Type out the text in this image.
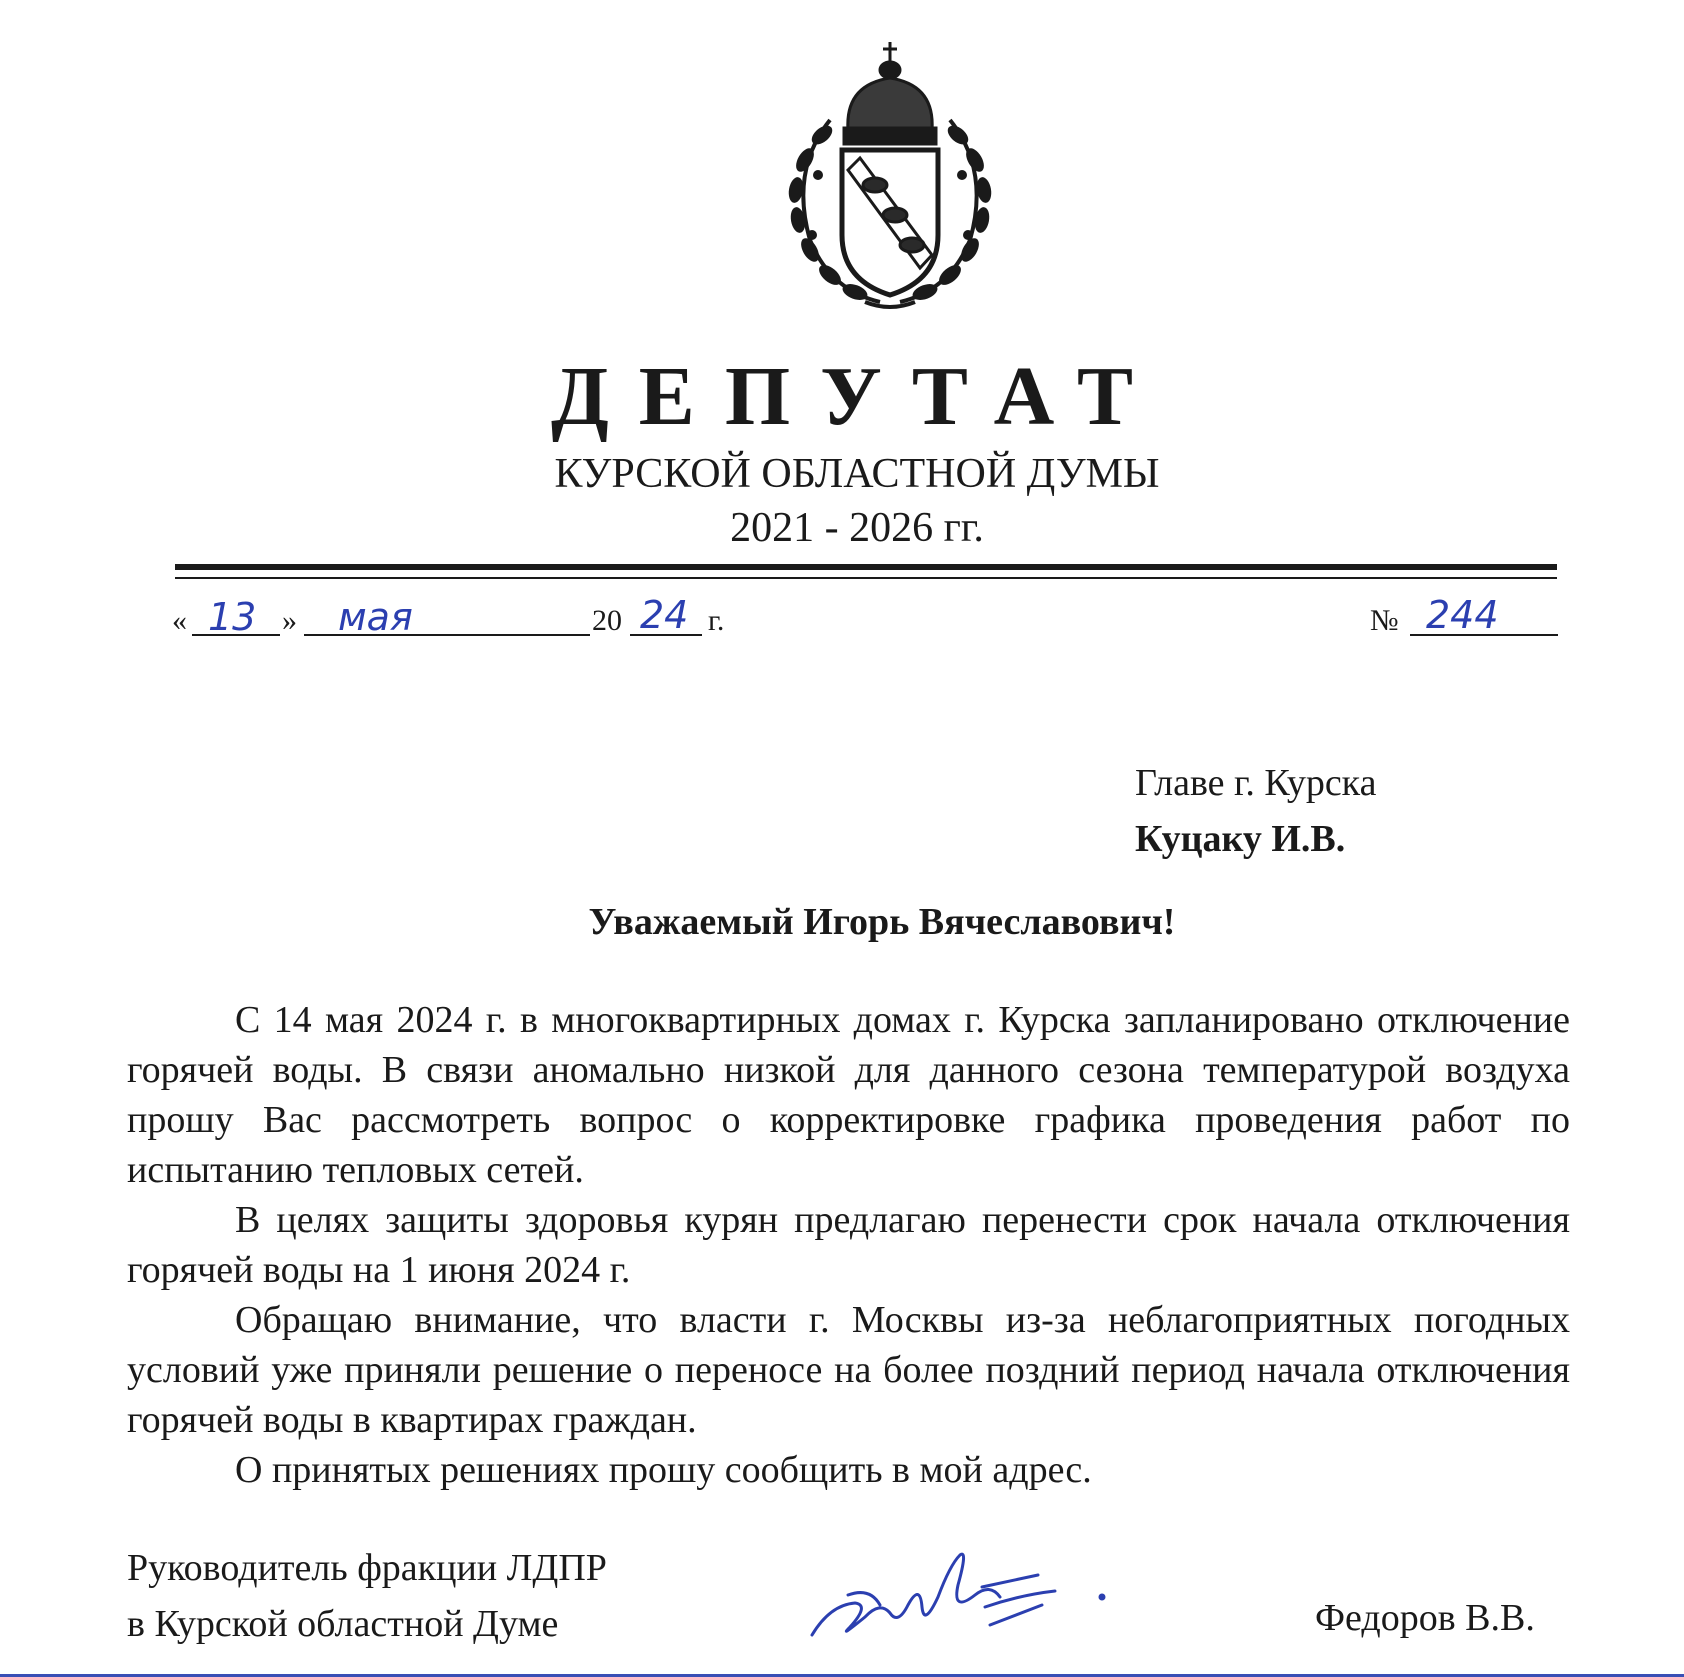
ДЕПУТАТ
КУРСКОЙ ОБЛАСТНОЙ ДУМЫ
2021 - 2026 гг.
« 13 » мая	20 24 г.	№ 244
Главе г. Курска
Куцаку И.В.
Уважаемый Игорь Вячеславович!

С 14 мая 2024 г. в многоквартирных домах г. Курска запланировано отключение горячей воды. В связи аномально низкой для данного сезона температурой воздуха прошу Вас рассмотреть вопрос о корректировке графика проведения работ по испытанию тепловых сетей.

В целях защиты здоровья курян предлагаю перенести срок начала отключения горячей воды на 1 июня 2024 г.

Обращаю внимание, что власти г. Москвы из-за неблагоприятных погодных условий уже приняли решение о переносе на более поздний период начала отключения горячей воды в квартирах граждан.

О принятых решениях прошу сообщить в мой адрес.

Руководитель фракции ЛДПР
в Курской областной Думе	Федоров В.В.
